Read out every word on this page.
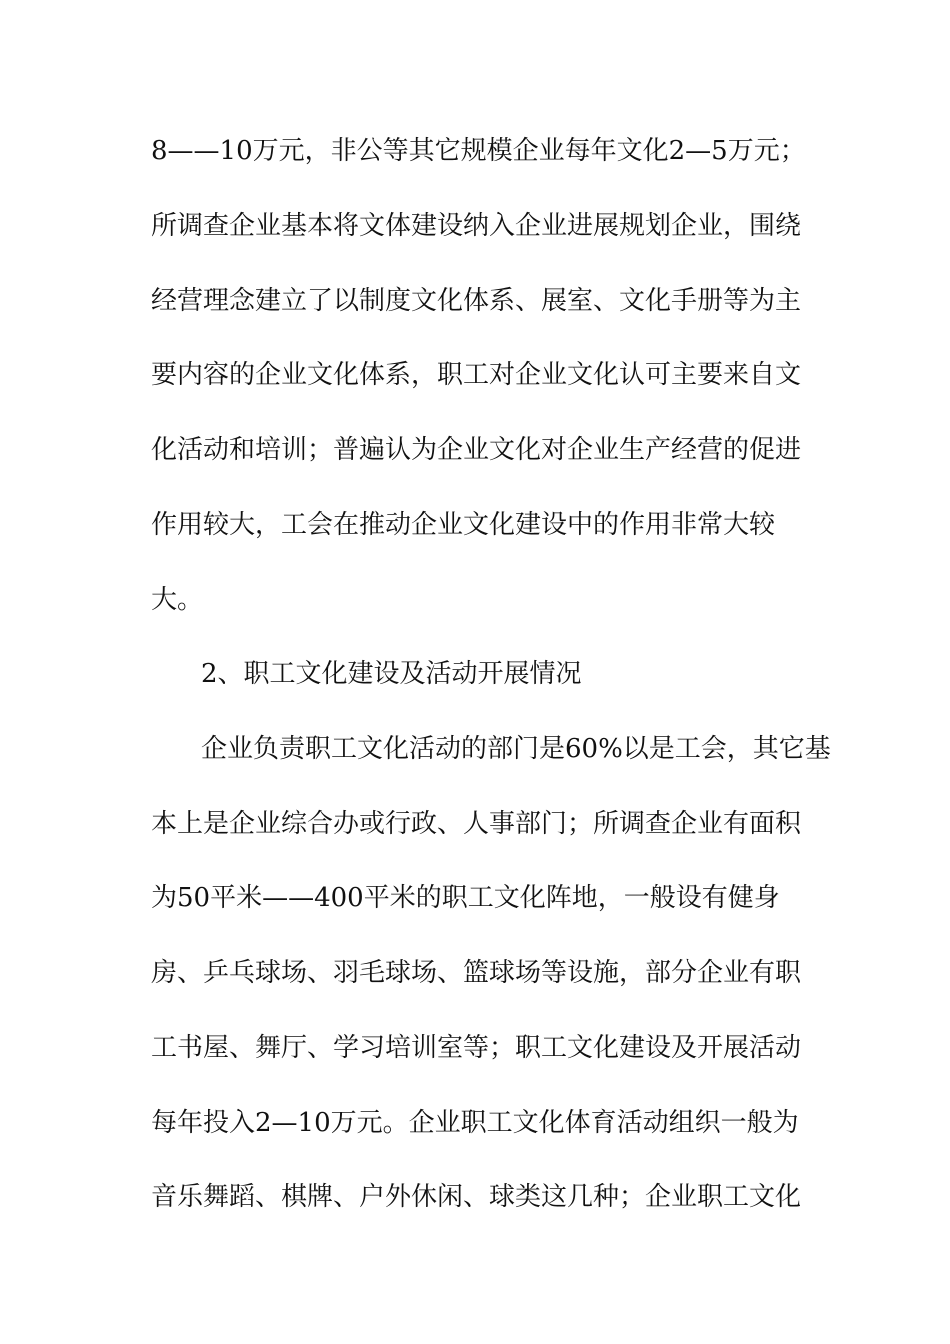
8——10万元，非公等其它规模企业每年文化2—5万元；
所调查企业基本将文体建设纳入企业进展规划企业，围绕
经营理念建立了以制度文化体系、展室、文化手册等为主
要内容的企业文化体系，职工对企业文化认可主要来自文
化活动和培训；普遍认为企业文化对企业生产经营的促进
作用较大，工会在推动企业文化建设中的作用非常大较
大。
2、职工文化建设及活动开展情况
企业负责职工文化活动的部门是60%以是工会，其它基
本上是企业综合办或行政、人事部门；所调查企业有面积
为50平米——400平米的职工文化阵地，一般设有健身
房、乒乓球场、羽毛球场、篮球场等设施，部分企业有职
工书屋、舞厅、学习培训室等；职工文化建设及开展活动
每年投入2—10万元。企业职工文化体育活动组织一般为
音乐舞蹈、棋牌、户外休闲、球类这几种；企业职工文化
